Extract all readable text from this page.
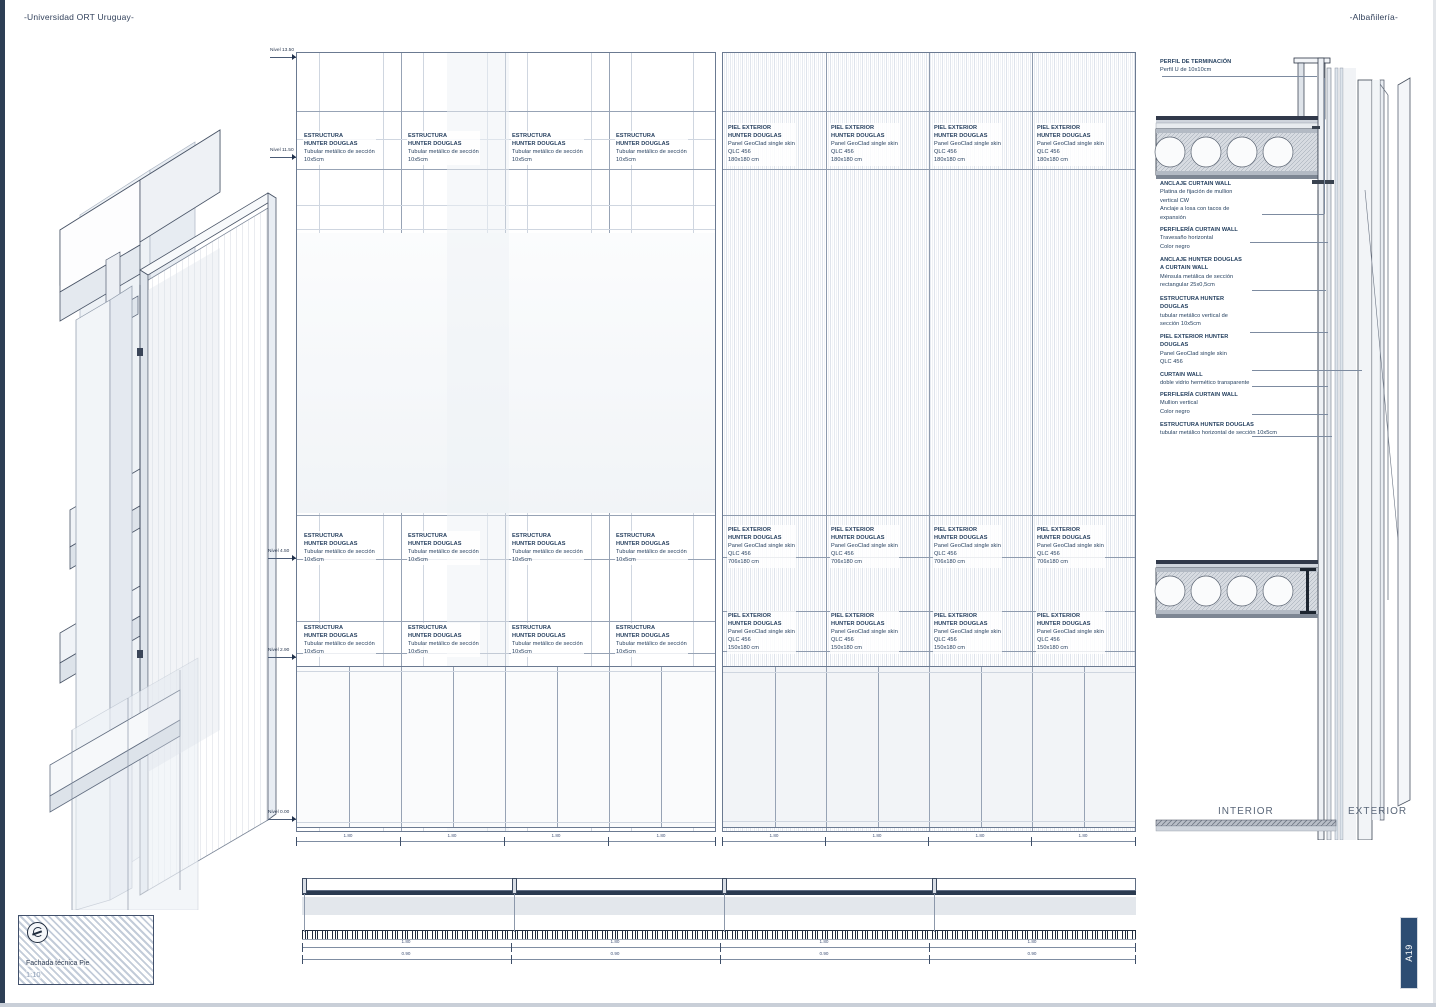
-Universidad ORT Uruguay-	-Albañilería-
Nivel 13.50
Nivel 11.50
Nivel 4.50
Nivel 2.90
Nivel 0.00
ESTRUCTURA
HUNTER DOUGLAS
Tubular metálico de sección
10x5cm
ESTRUCTURA
HUNTER DOUGLAS
Tubular metálico de sección
10x5cm
ESTRUCTURA
HUNTER DOUGLAS
Tubular metálico de sección
10x5cm
ESTRUCTURA
HUNTER DOUGLAS
Tubular metálico de sección
10x5cm
ESTRUCTURA
HUNTER DOUGLAS
Tubular metálico de sección
10x5cm
ESTRUCTURA
HUNTER DOUGLAS
Tubular metálico de sección
10x5cm
ESTRUCTURA
HUNTER DOUGLAS
Tubular metálico de sección
10x5cm
ESTRUCTURA
HUNTER DOUGLAS
Tubular metálico de sección
10x5cm
ESTRUCTURA
HUNTER DOUGLAS
Tubular metálico de sección
10x5cm
ESTRUCTURA
HUNTER DOUGLAS
Tubular metálico de sección
10x5cm
ESTRUCTURA
HUNTER DOUGLAS
Tubular metálico de sección
10x5cm
ESTRUCTURA
HUNTER DOUGLAS
Tubular metálico de sección
10x5cm
1.80	1.80	1.80	1.80
PIEL EXTERIOR
HUNTER DOUGLAS
Panel GeoClad single skin
QLC 456
180x180 cm
PIEL EXTERIOR
HUNTER DOUGLAS
Panel GeoClad single skin
QLC 456
180x180 cm
PIEL EXTERIOR
HUNTER DOUGLAS
Panel GeoClad single skin
QLC 456
180x180 cm
PIEL EXTERIOR
HUNTER DOUGLAS
Panel GeoClad single skin
QLC 456
180x180 cm
PIEL EXTERIOR
HUNTER DOUGLAS
Panel GeoClad single skin
QLC 456
706x180 cm
PIEL EXTERIOR
HUNTER DOUGLAS
Panel GeoClad single skin
QLC 456
706x180 cm
PIEL EXTERIOR
HUNTER DOUGLAS
Panel GeoClad single skin
QLC 456
706x180 cm
PIEL EXTERIOR
HUNTER DOUGLAS
Panel GeoClad single skin
QLC 456
706x180 cm
PIEL EXTERIOR
HUNTER DOUGLAS
Panel GeoClad single skin
QLC 456
150x180 cm
PIEL EXTERIOR
HUNTER DOUGLAS
Panel GeoClad single skin
QLC 456
150x180 cm
PIEL EXTERIOR
HUNTER DOUGLAS
Panel GeoClad single skin
QLC 456
150x180 cm
PIEL EXTERIOR
HUNTER DOUGLAS
Panel GeoClad single skin
QLC 456
150x180 cm
1.80	1.80	1.80	1.80
INTERIOR	EXTERIOR
PERFIL DE TERMINACIÓN
Perfil U de 10x10cm
ANCLAJE CURTAIN WALL
Platina de fijación de mullion
vertical CW
Anclaje a losa con tacos de
expansión
PERFILERÍA CURTAIN WALL
Travesaño horizontal
Color negro
ANCLAJE HUNTER DOUGLAS
A CURTAIN WALL
Ménsula metálica de sección
rectangular 25x0,5cm
ESTRUCTURA HUNTER
DOUGLAS
tubular metálico vertical de
sección 10x5cm
PIEL EXTERIOR HUNTER
DOUGLAS
Panel GeoClad single skin
QLC 456
CURTAIN WALL
doble vidrio hermético transparente
PERFILERÍA CURTAIN WALL
Mullion vertical
Color negro
ESTRUCTURA HUNTER DOUGLAS
tubular metálico horizontal de sección 10x5cm
1.80	1.80	1.80	1.80
0.90	0.90	0.90	0.90
Fachada técnica Pie
1:10
A19
